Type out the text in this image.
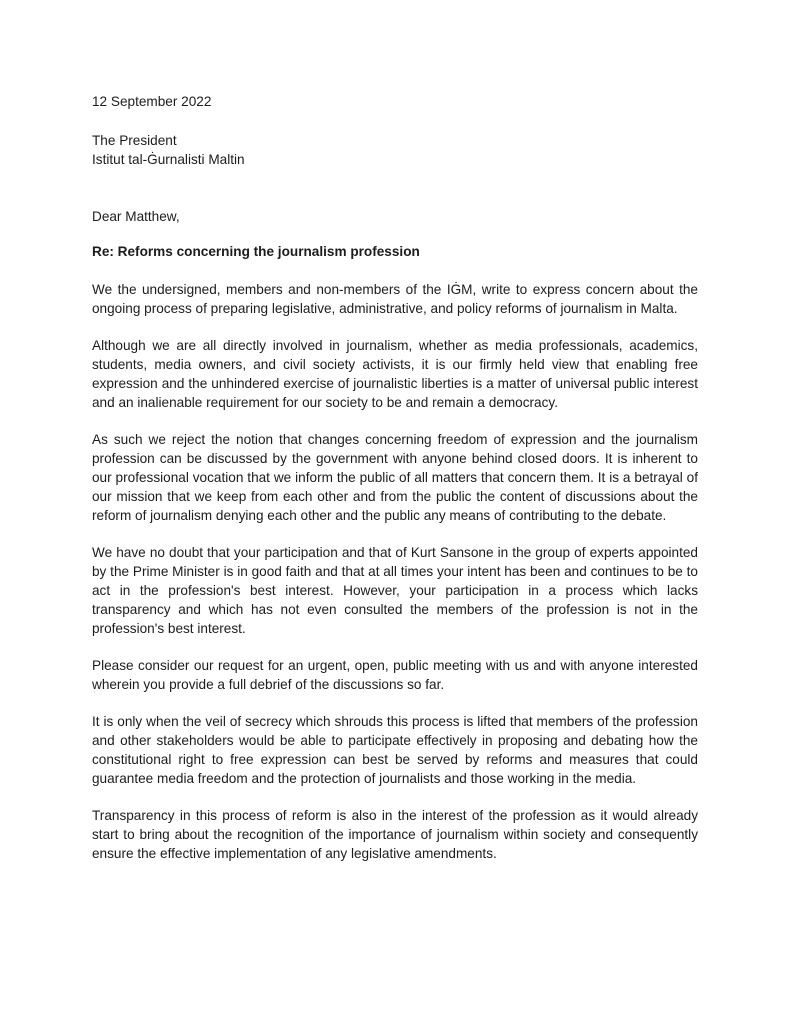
12 September 2022
The President
Istitut tal-Ġurnalisti Maltin
Dear Matthew,
Re: Reforms concerning the journalism profession

We the undersigned, members and non-members of the IĠM, write to express concern about the ongoing process of preparing legislative, administrative, and policy reforms of journalism in Malta.

Although we are all directly involved in journalism, whether as media professionals, academics, students, media owners, and civil society activists, it is our firmly held view that enabling free expression and the unhindered exercise of journalistic liberties is a matter of universal public interest and an inalienable requirement for our society to be and remain a democracy.

As such we reject the notion that changes concerning freedom of expression and the journalism profession can be discussed by the government with anyone behind closed doors. It is inherent to our professional vocation that we inform the public of all matters that concern them. It is a betrayal of our mission that we keep from each other and from the public the content of discussions about the reform of journalism denying each other and the public any means of contributing to the debate.

We have no doubt that your participation and that of Kurt Sansone in the group of experts appointed by the Prime Minister is in good faith and that at all times your intent has been and continues to be to act in the profession's best interest. However, your participation in a process which lacks transparency and which has not even consulted the members of the profession is not in the profession's best interest.

Please consider our request for an urgent, open, public meeting with us and with anyone interested wherein you provide a full debrief of the discussions so far.

It is only when the veil of secrecy which shrouds this process is lifted that members of the profession and other stakeholders would be able to participate effectively in proposing and debating how the constitutional right to free expression can best be served by reforms and measures that could guarantee media freedom and the protection of journalists and those working in the media.

Transparency in this process of reform is also in the interest of the profession as it would already start to bring about the recognition of the importance of journalism within society and consequently ensure the effective implementation of any legislative amendments.
